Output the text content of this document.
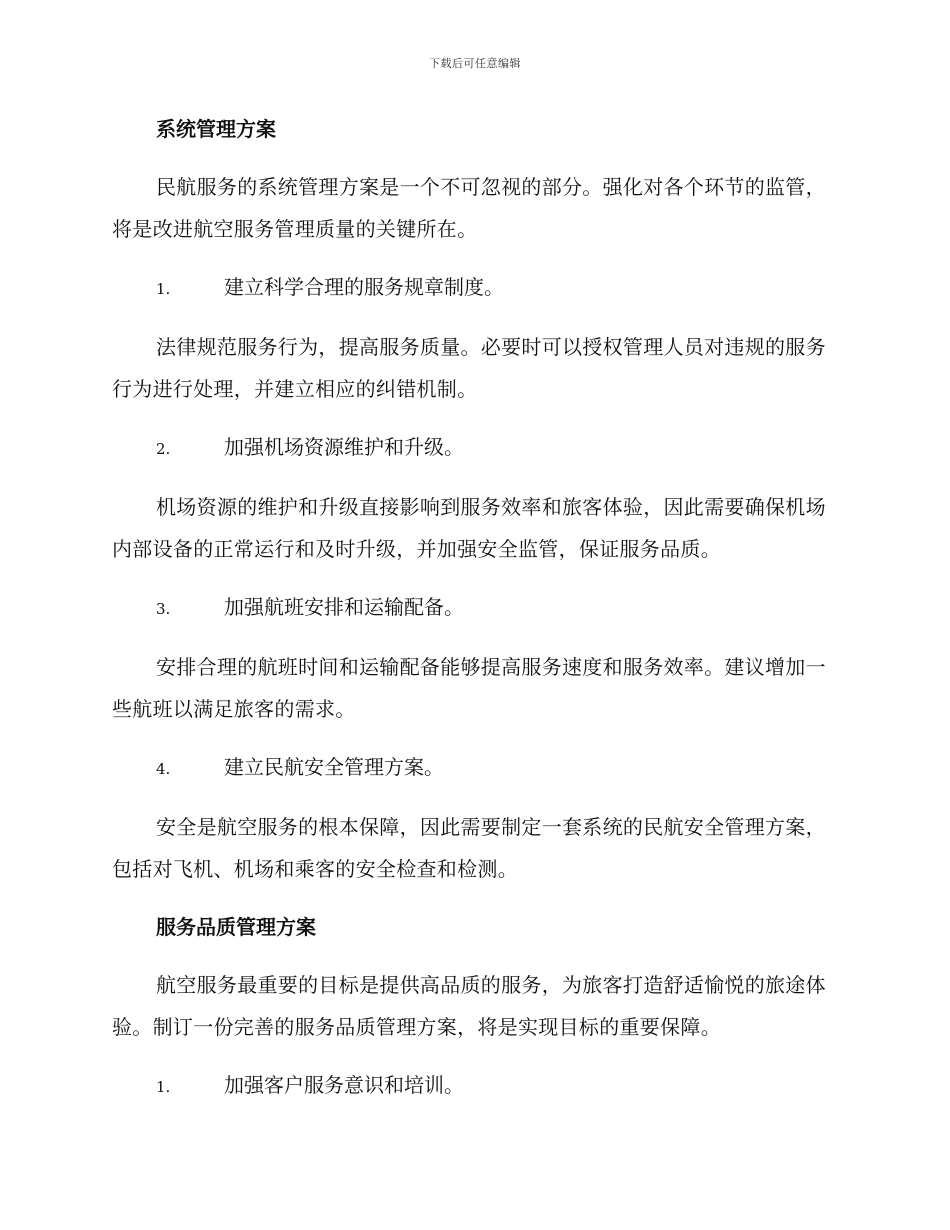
下载后可任意编辑
系统管理方案
民航服务的系统管理方案是一个不可忽视的部分。强化对各个环节的监管，将是改进航空服务管理质量的关键所在。
1.	建立科学合理的服务规章制度。
法律规范服务行为，提高服务质量。必要时可以授权管理人员对违规的服务行为进行处理，并建立相应的纠错机制。
2.	加强机场资源维护和升级。
机场资源的维护和升级直接影响到服务效率和旅客体验，因此需要确保机场内部设备的正常运行和及时升级，并加强安全监管，保证服务品质。
3.	加强航班安排和运输配备。
安排合理的航班时间和运输配备能够提高服务速度和服务效率。建议增加一些航班以满足旅客的需求。
4.	建立民航安全管理方案。
安全是航空服务的根本保障，因此需要制定一套系统的民航安全管理方案，包括对飞机、机场和乘客的安全检查和检测。
服务品质管理方案
航空服务最重要的目标是提供高品质的服务，为旅客打造舒适愉悦的旅途体验。制订一份完善的服务品质管理方案，将是实现目标的重要保障。
1.	加强客户服务意识和培训。
